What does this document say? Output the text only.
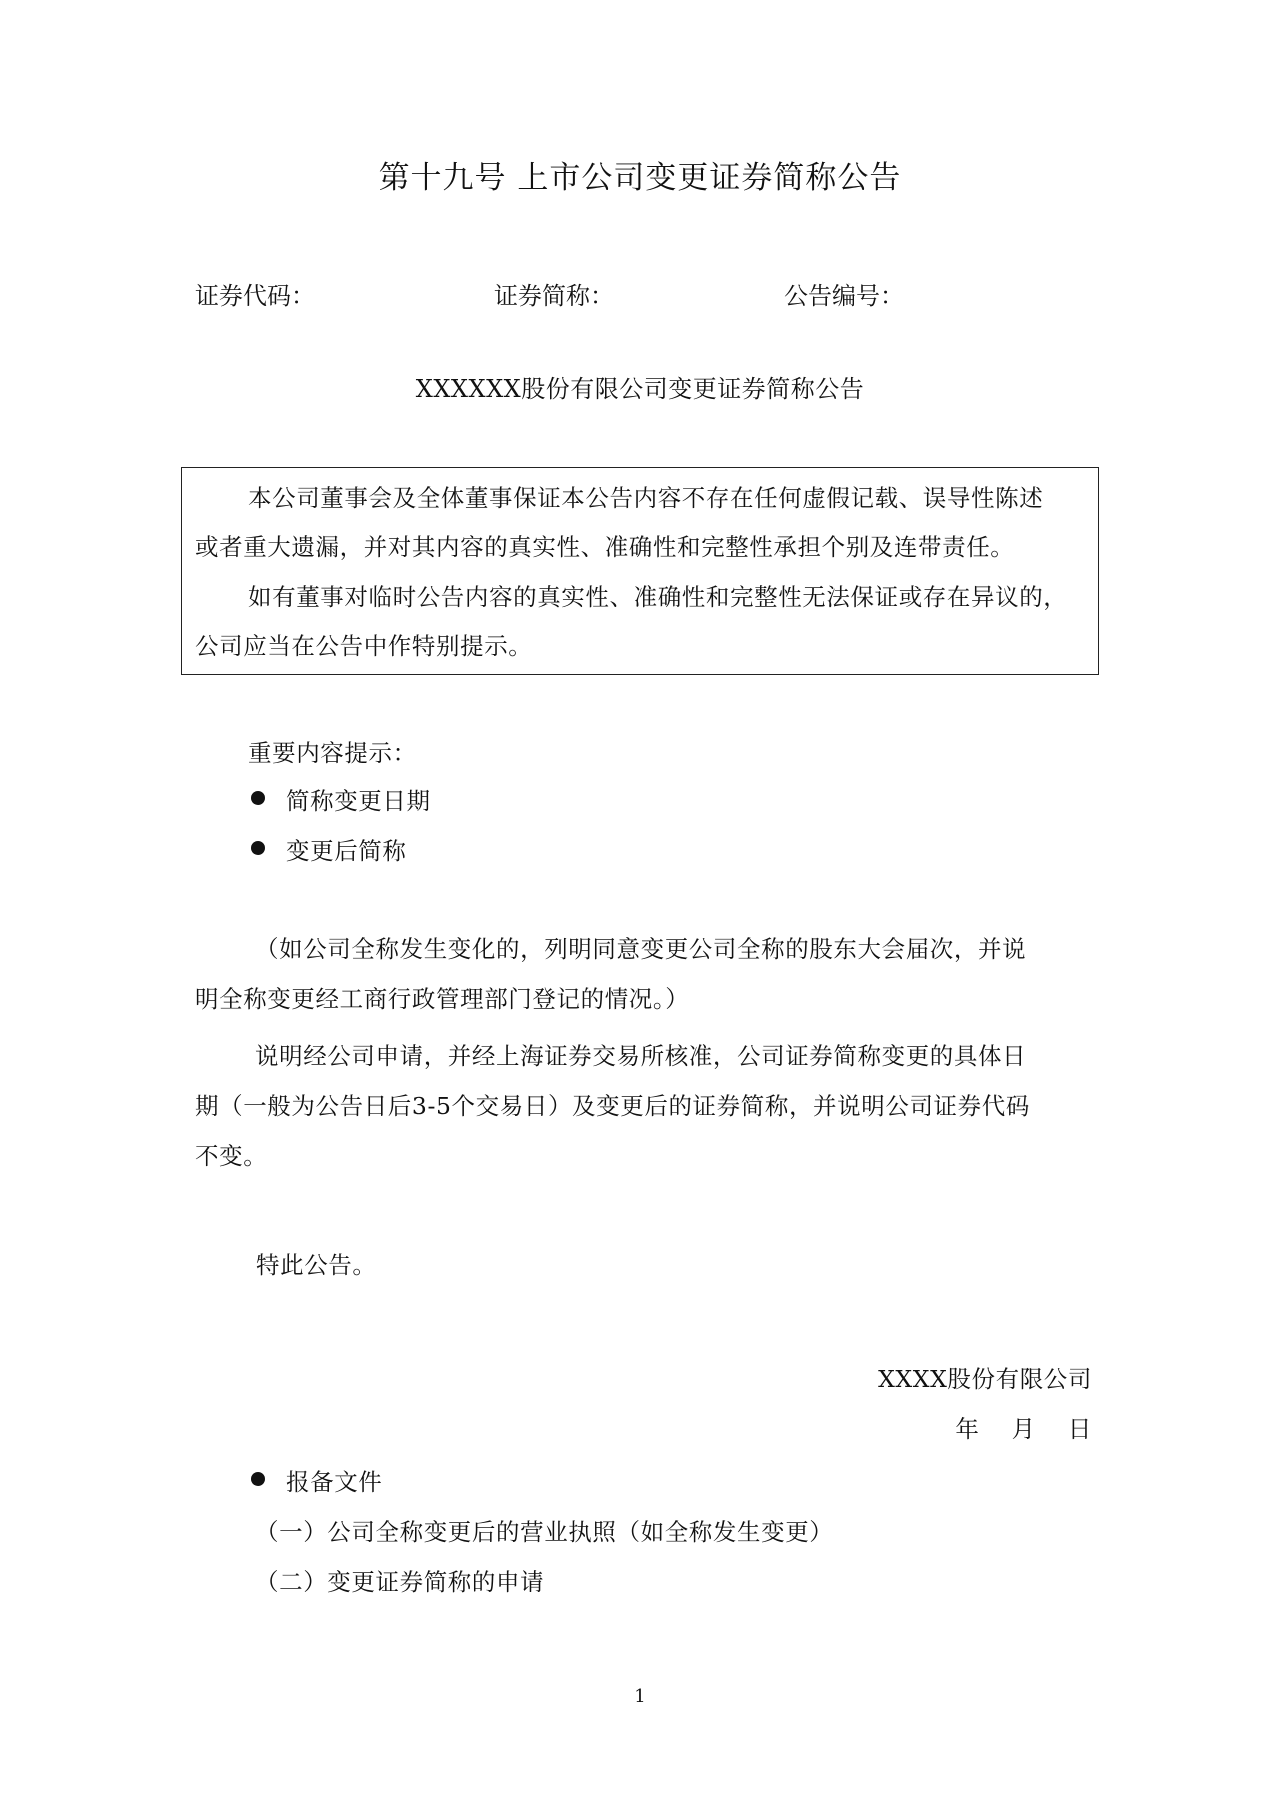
第十九号 上市公司变更证券简称公告
证券代码：	证券简称：	公告编号：
XXXXXX股份有限公司变更证券简称公告
本公司董事会及全体董事保证本公告内容不存在任何虚假记载、误导性陈述
或者重大遗漏，并对其内容的真实性、准确性和完整性承担个别及连带责任。
如有董事对临时公告内容的真实性、准确性和完整性无法保证或存在异议的，
公司应当在公告中作特别提示。
重要内容提示：
简称变更日期
变更后简称
（如公司全称发生变化的，列明同意变更公司全称的股东大会届次，并说
明全称变更经工商行政管理部门登记的情况。）
说明经公司申请，并经上海证券交易所核准，公司证券简称变更的具体日
期（一般为公告日后3-5个交易日）及变更后的证券简称，并说明公司证券代码
不变。
特此公告。
XXXX股份有限公司
年　 月　 日
报备文件
（一）公司全称变更后的营业执照（如全称发生变更）
（二）变更证券简称的申请
1
